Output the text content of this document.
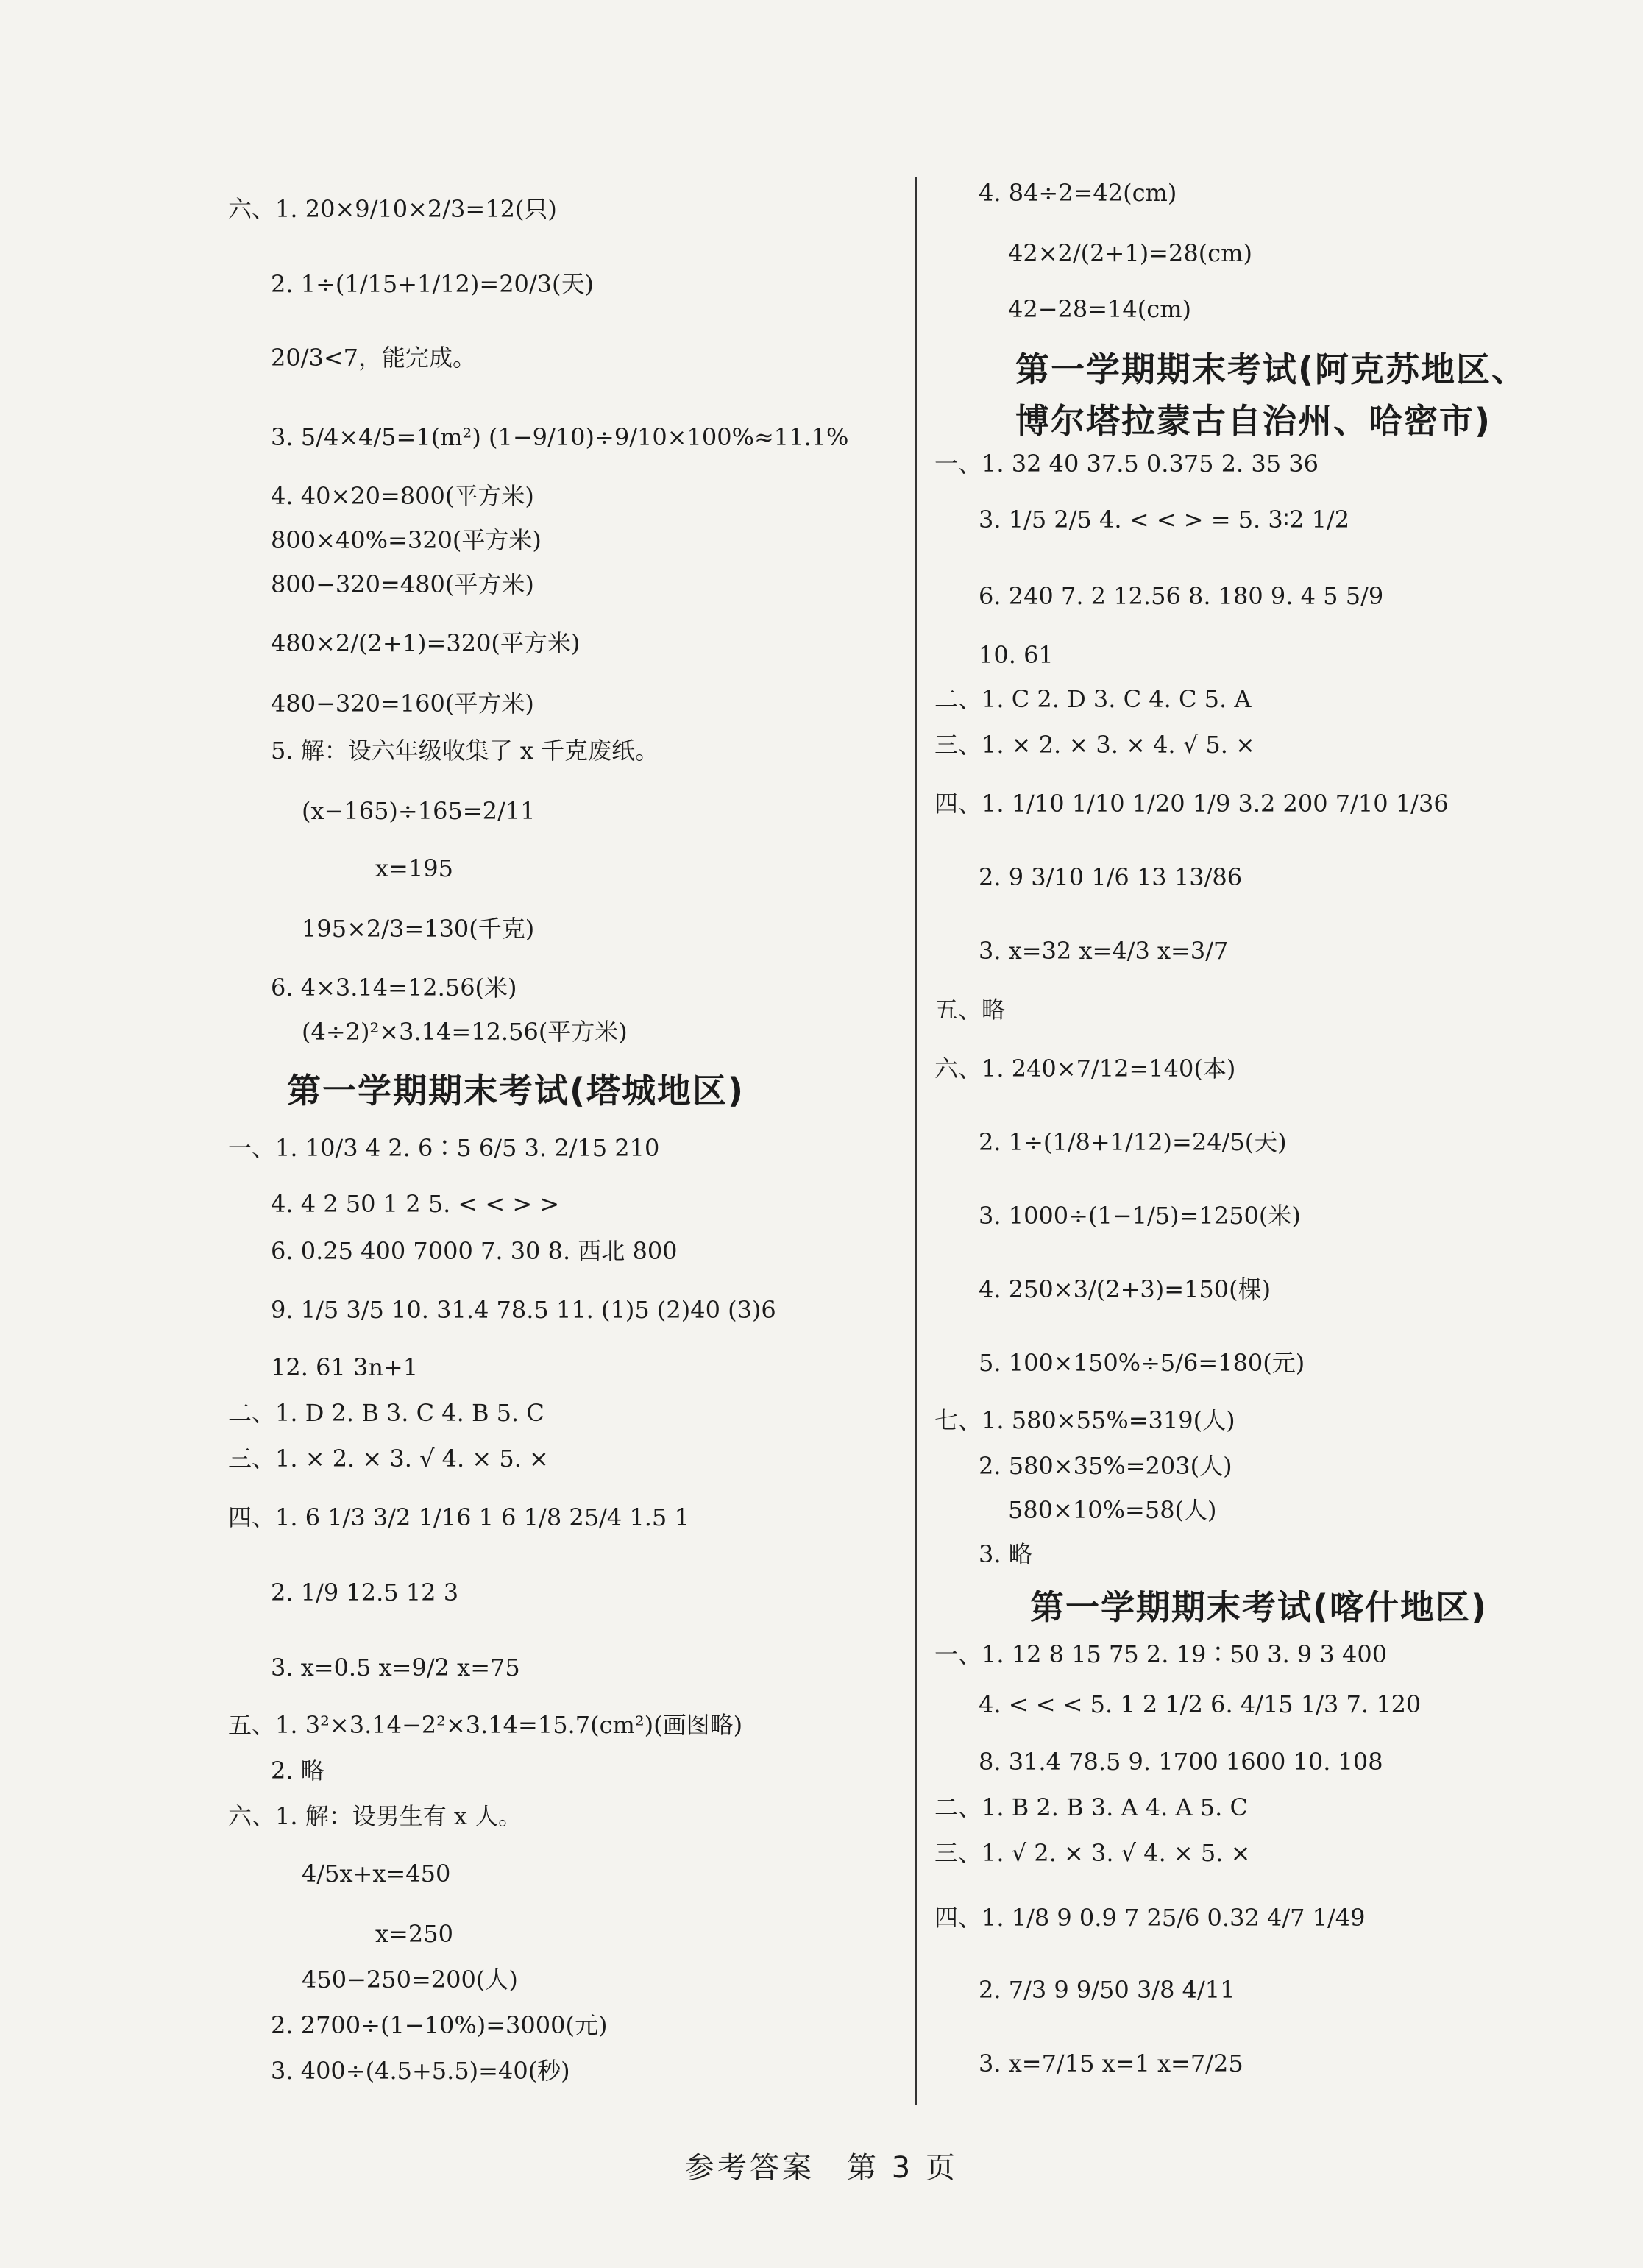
六、1. 20×9/10×2/3=12(只)
2. 1÷(1/15+1/12)=20/3(天)
20/3<7，能完成。
3. 5/4×4/5=1(m²) (1−9/10)÷9/10×100%≈11.1%
4. 40×20=800(平方米)
800×40%=320(平方米)
800−320=480(平方米)
480×2/(2+1)=320(平方米)
480−320=160(平方米)
5. 解：设六年级收集了 x 千克废纸。
(x−165)÷165=2/11
x=195
195×2/3=130(千克)
6. 4×3.14=12.56(米)
(4÷2)²×3.14=12.56(平方米)
第一学期期末考试(塔城地区)
一、1. 10/3 4 2. 6∶5 6/5 3. 2/15 210
4. 4 2 50 1 2 5. < < > >
6. 0.25 400 7000 7. 30 8. 西北 800
9. 1/5 3/5 10. 31.4 78.5 11. (1)5 (2)40 (3)6
12. 61 3n+1
二、1. D 2. B 3. C 4. B 5. C
三、1. × 2. × 3. √ 4. × 5. ×
四、1. 6 1/3 3/2 1/16 1 6 1/8 25/4 1.5 1
2. 1/9 12.5 12 3
3. x=0.5 x=9/2 x=75
五、1. 3²×3.14−2²×3.14=15.7(cm²)(画图略)
2. 略
六、1. 解：设男生有 x 人。
4/5x+x=450
x=250
450−250=200(人)
2. 2700÷(1−10%)=3000(元)
3. 400÷(4.5+5.5)=40(秒)
4. 84÷2=42(cm)
42×2/(2+1)=28(cm)
42−28=14(cm)
第一学期期末考试(阿克苏地区、
博尔塔拉蒙古自治州、哈密市)
一、1. 32 40 37.5 0.375 2. 35 36
3. 1/5 2/5 4. < < > = 5. 3∶2 1/2
6. 240 7. 2 12.56 8. 180 9. 4 5 5/9
10. 61
二、1. C 2. D 3. C 4. C 5. A
三、1. × 2. × 3. × 4. √ 5. ×
四、1. 1/10 1/10 1/20 1/9 3.2 200 7/10 1/36
2. 9 3/10 1/6 13 13/86
3. x=32 x=4/3 x=3/7
五、略
六、1. 240×7/12=140(本)
2. 1÷(1/8+1/12)=24/5(天)
3. 1000÷(1−1/5)=1250(米)
4. 250×3/(2+3)=150(棵)
5. 100×150%÷5/6=180(元)
七、1. 580×55%=319(人)
2. 580×35%=203(人)
580×10%=58(人)
3. 略
第一学期期末考试(喀什地区)
一、1. 12 8 15 75 2. 19∶50 3. 9 3 400
4. < < < 5. 1 2 1/2 6. 4/15 1/3 7. 120
8. 31.4 78.5 9. 1700 1600 10. 108
二、1. B 2. B 3. A 4. A 5. C
三、1. √ 2. × 3. √ 4. × 5. ×
四、1. 1/8 9 0.9 7 25/6 0.32 4/7 1/49
2. 7/3 9 9/50 3/8 4/11
3. x=7/15 x=1 x=7/25
参考答案　第 3 页
